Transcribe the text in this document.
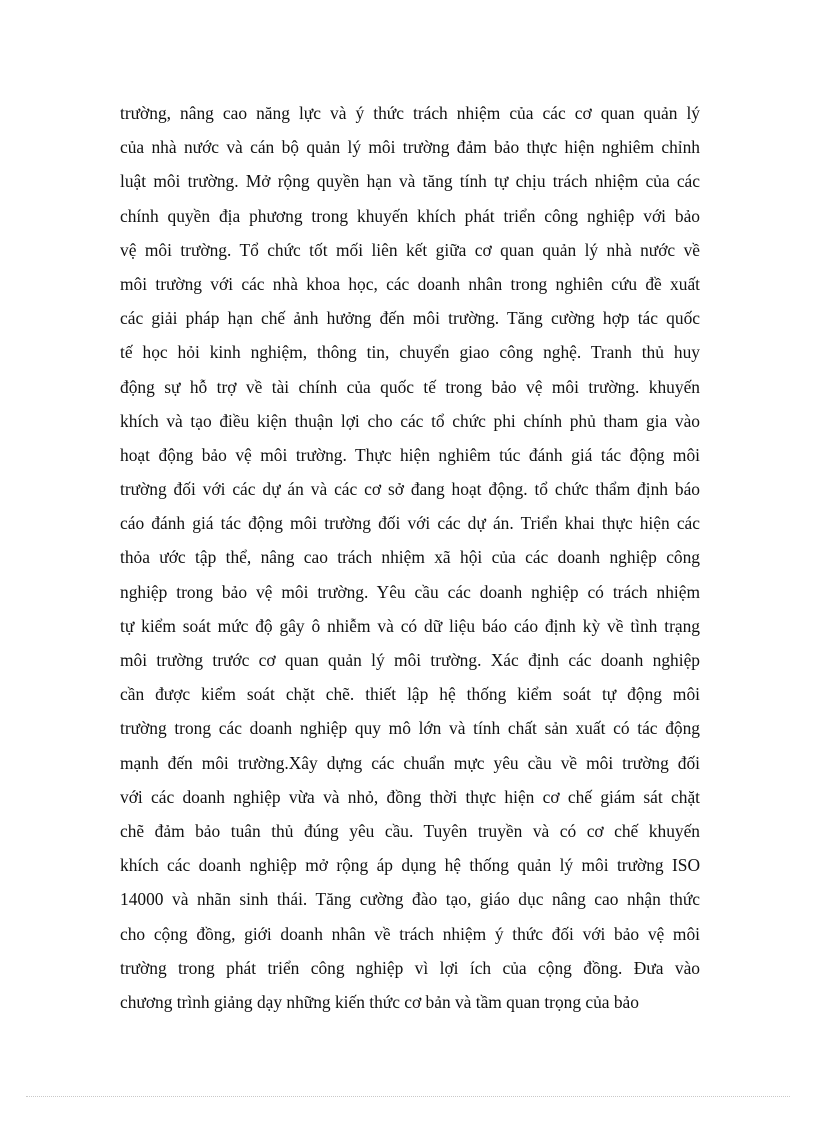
trường, nâng cao năng lực và ý thức trách nhiệm của các cơ quan quản lý
của nhà nước và cán bộ quản lý môi trường đảm bảo thực hiện nghiêm chỉnh
luật môi trường. Mở rộng quyền hạn và tăng tính tự chịu trách nhiệm của các
chính quyền địa phương trong khuyến khích phát triển công nghiệp với bảo
vệ môi trường. Tổ chức tốt mối liên kết giữa cơ quan quản lý nhà nước về
môi trường với các nhà khoa học, các doanh nhân trong nghiên cứu đề xuất
các giải pháp hạn chế ảnh hưởng đến môi trường. Tăng cường hợp tác quốc
tế học hỏi kinh nghiệm, thông tin, chuyển giao công nghệ. Tranh thủ huy
động sự hỗ trợ về tài chính của quốc tế trong bảo vệ môi trường. khuyến
khích và tạo điều kiện thuận lợi cho các tổ chức phi chính phủ tham gia vào
hoạt động bảo vệ môi trường. Thực hiện nghiêm túc đánh giá tác động môi
trường đối với các dự án và các cơ sở đang hoạt động. tổ chức thẩm định báo
cáo đánh giá tác động môi trường đối với các dự án. Triển khai thực hiện các
thỏa ước tập thể, nâng cao trách nhiệm xã hội của các doanh nghiệp công
nghiệp trong bảo vệ môi trường. Yêu cầu các doanh nghiệp có trách nhiệm
tự kiểm soát mức độ gây ô nhiễm và có dữ liệu báo cáo định kỳ về tình trạng
môi trường trước cơ quan quản lý môi trường. Xác định các doanh nghiệp
cần được kiểm soát chặt chẽ. thiết lập hệ thống kiểm soát tự động môi
trường trong các doanh nghiệp quy mô lớn và tính chất sản xuất có tác động
mạnh đến môi trường.Xây dựng các chuẩn mực yêu cầu về môi trường đối
với các doanh nghiệp vừa và nhỏ, đồng thời thực hiện cơ chế giám sát chặt
chẽ đảm bảo tuân thủ đúng yêu cầu. Tuyên truyền và có cơ chế khuyến
khích các doanh nghiệp mở rộng áp dụng hệ thống quản lý môi trường ISO
14000 và nhãn sinh thái. Tăng cường đào tạo, giáo dục nâng cao nhận thức
cho cộng đồng, giới doanh nhân về trách nhiệm ý thức đối với bảo vệ môi
trường trong phát triển công nghiệp vì lợi ích của cộng đồng. Đưa vào
chương trình giảng dạy những kiến thức cơ bản và tầm quan trọng của bảo
